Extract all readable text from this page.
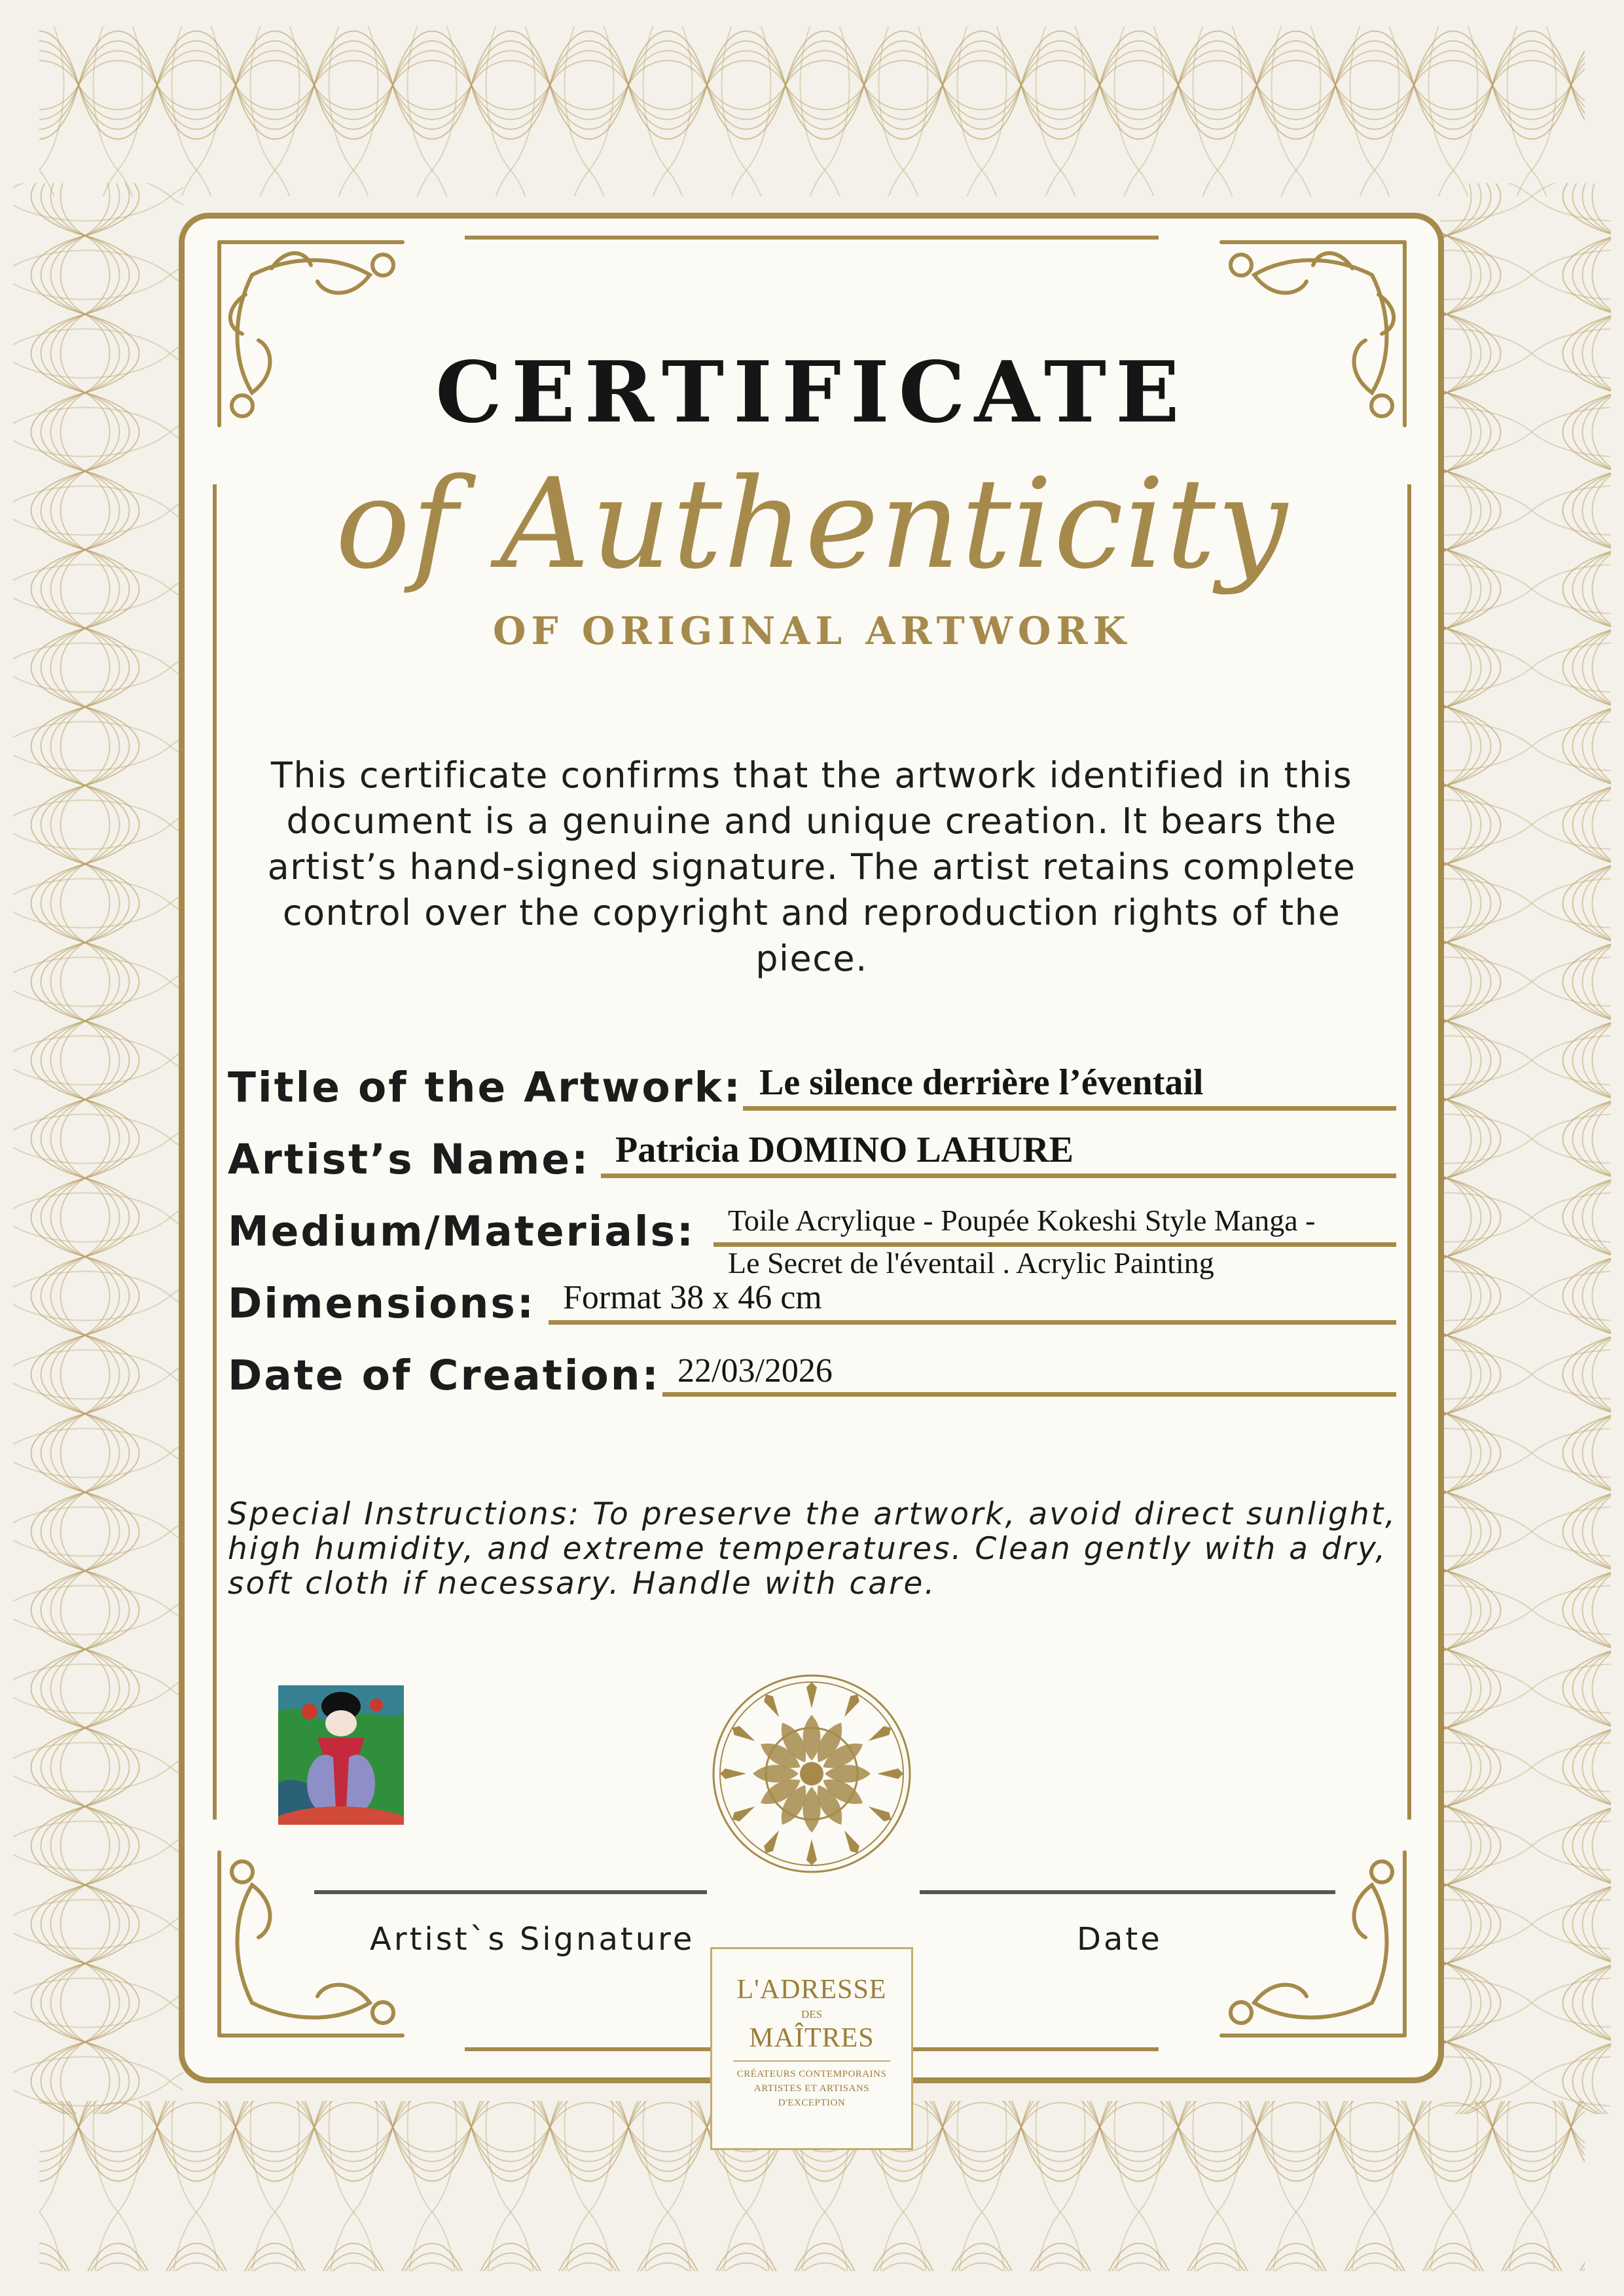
CERTIFICATE
of Authenticity
OF ORIGINAL ARTWORK
This certificate confirms that the artwork identified in this document is a genuine and unique creation. It bears the artist’s hand-signed signature. The artist retains complete control over the copyright and reproduction rights of the piece.
Title of the Artwork: Le silence derrière l’éventail
Artist’s Name: Patricia DOMINO LAHURE
Medium/Materials: Toile Acrylique - Poupée Kokeshi Style Manga -
Le Secret de l'éventail . Acrylic Painting
Dimensions: Format 38 x 46 cm
Date of Creation: 22/03/2026
Special Instructions: To preserve the artwork, avoid direct sunlight, high humidity, and extreme temperatures. Clean gently with a dry, soft cloth if necessary. Handle with care.
Artist`s Signature	Date
L'ADRESSE
DES
MAÎTRES
CRÉATEURS CONTEMPORAINS
ARTISTES ET ARTISANS
D'EXCEPTION
